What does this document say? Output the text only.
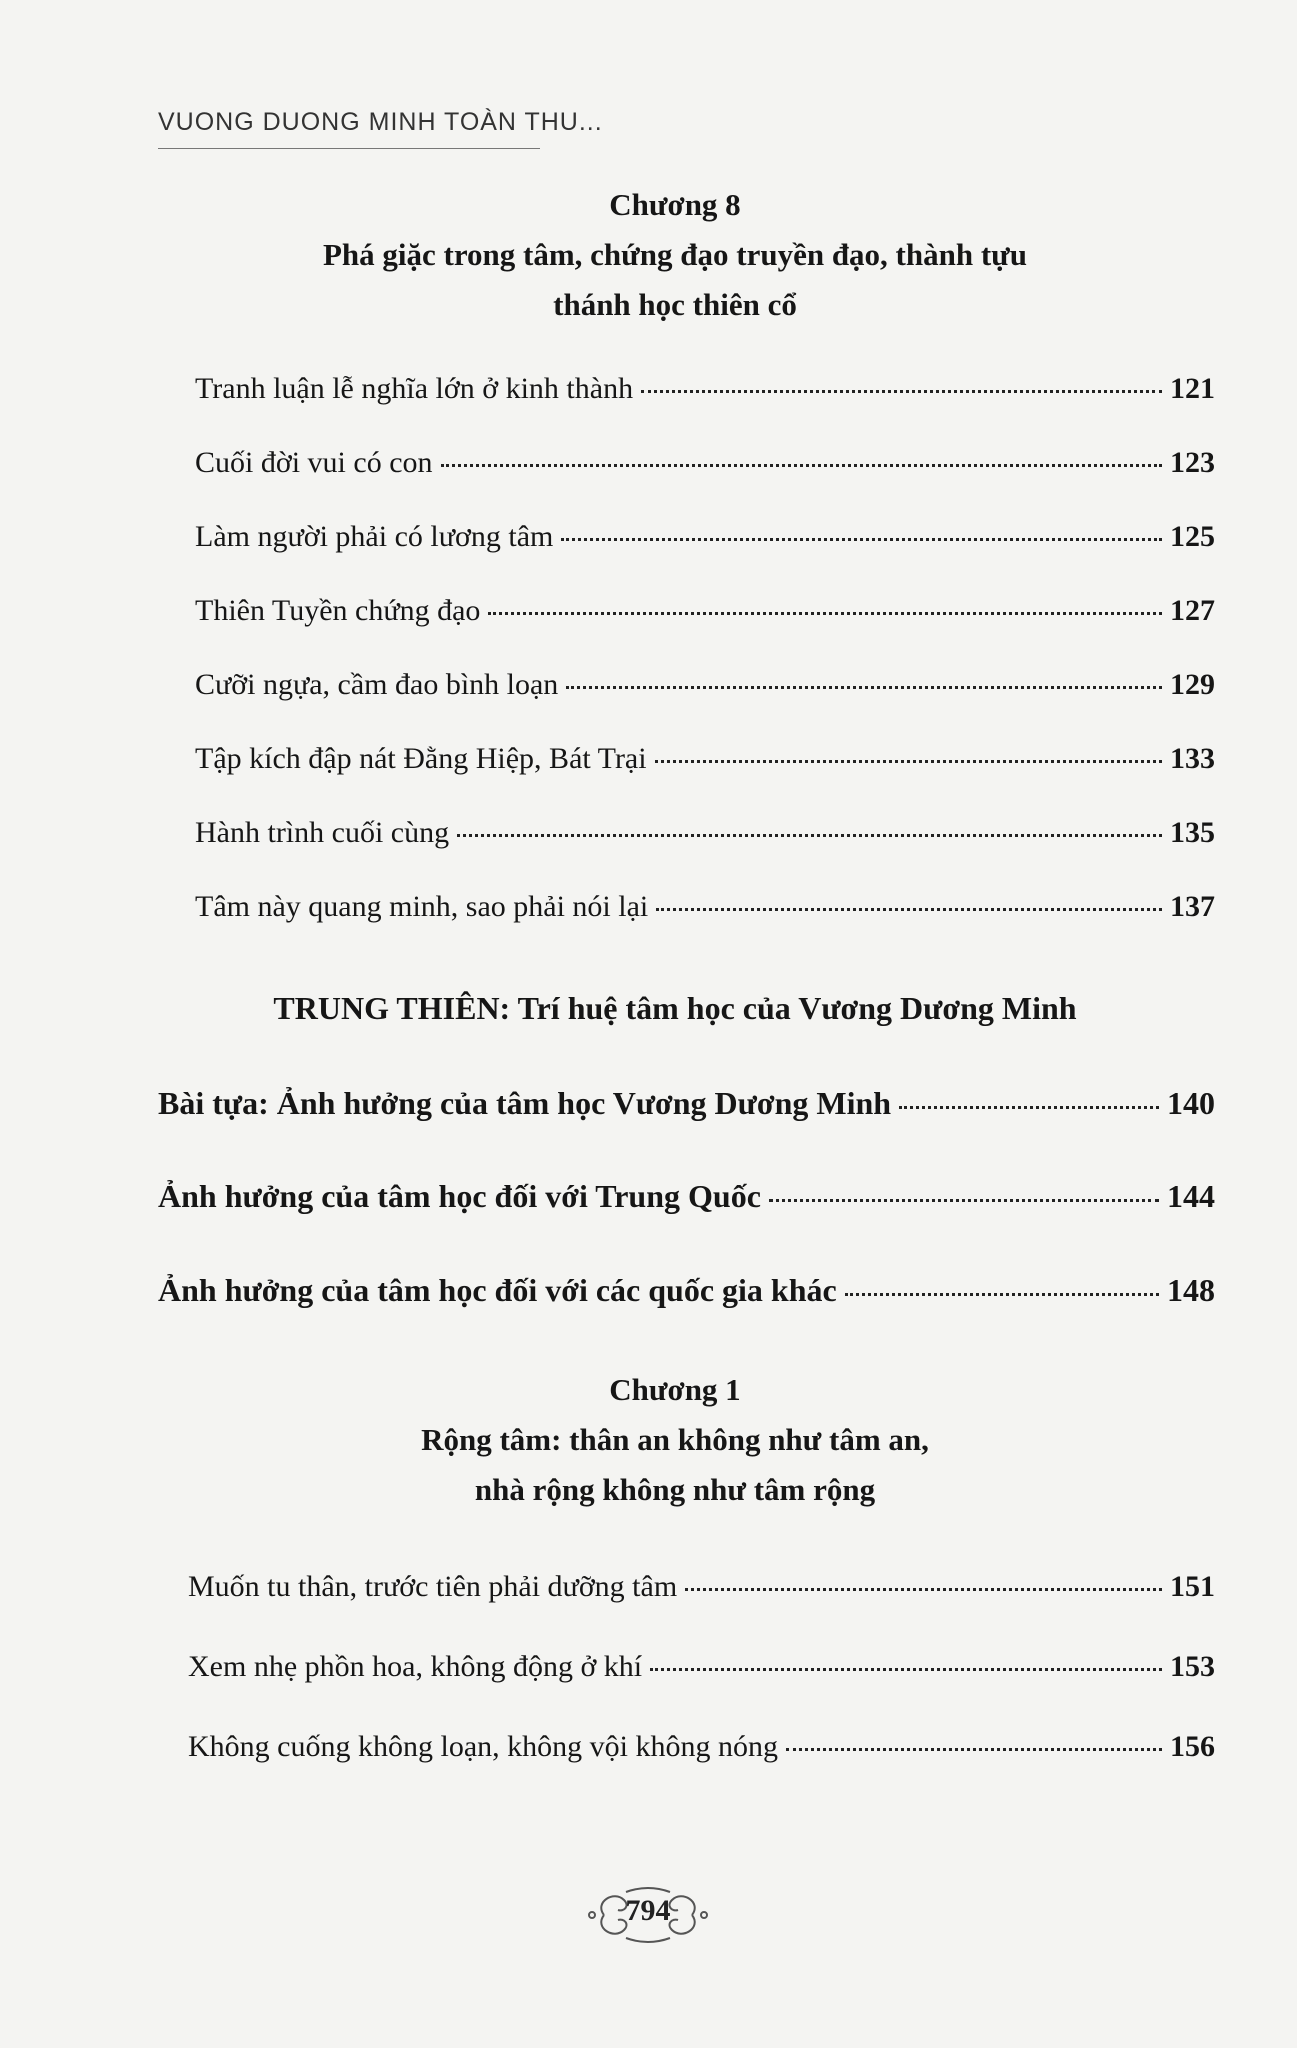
VUONG DUONG MINH TOÀN THU...
Chương 8
Phá giặc trong tâm, chứng đạo truyền đạo, thành tựu
thánh học thiên cổ
Tranh luận lễ nghĩa lớn ở kinh thành	121
Cuối đời vui có con	123
Làm người phải có lương tâm	125
Thiên Tuyền chứng đạo	127
Cưỡi ngựa, cầm đao bình loạn	129
Tập kích đập nát Đằng Hiệp, Bát Trại	133
Hành trình cuối cùng	135
Tâm này quang minh, sao phải nói lại	137
TRUNG THIÊN: Trí huệ tâm học của Vương Dương Minh
Bài tựa: Ảnh hưởng của tâm học Vương Dương Minh	140
Ảnh hưởng của tâm học đối với Trung Quốc	144
Ảnh hưởng của tâm học đối với các quốc gia khác	148
Chương 1
Rộng tâm: thân an không như tâm an,
nhà rộng không như tâm rộng
Muốn tu thân, trước tiên phải dưỡng tâm	151
Xem nhẹ phồn hoa, không động ở khí	153
Không cuống không loạn, không vội không nóng	156
794
